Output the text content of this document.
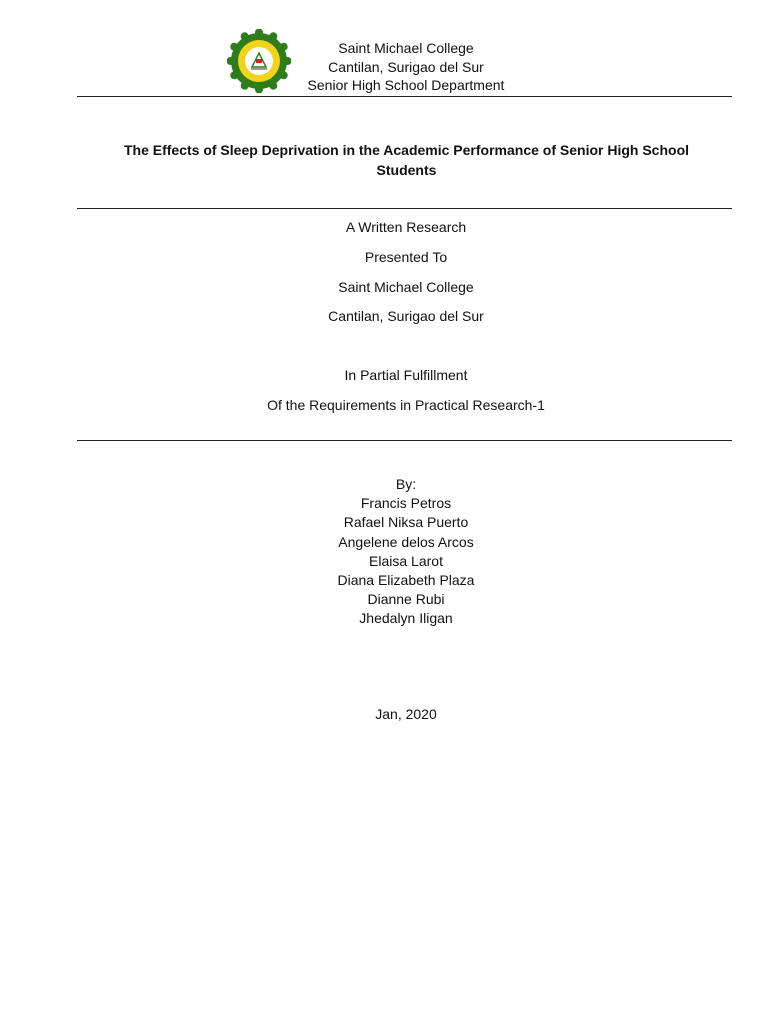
Saint Michael College
Cantilan, Surigao del Sur
Senior High School Department
The Effects of Sleep Deprivation in the Academic Performance of Senior High School Students
A Written Research
Presented To
Saint Michael College
Cantilan, Surigao del Sur
In Partial Fulfillment
Of the Requirements in Practical Research-1
By:
Francis Petros
Rafael Niksa Puerto
Angelene delos Arcos
Elaisa Larot
Diana Elizabeth Plaza
Dianne Rubi
Jhedalyn Iligan
Jan, 2020
